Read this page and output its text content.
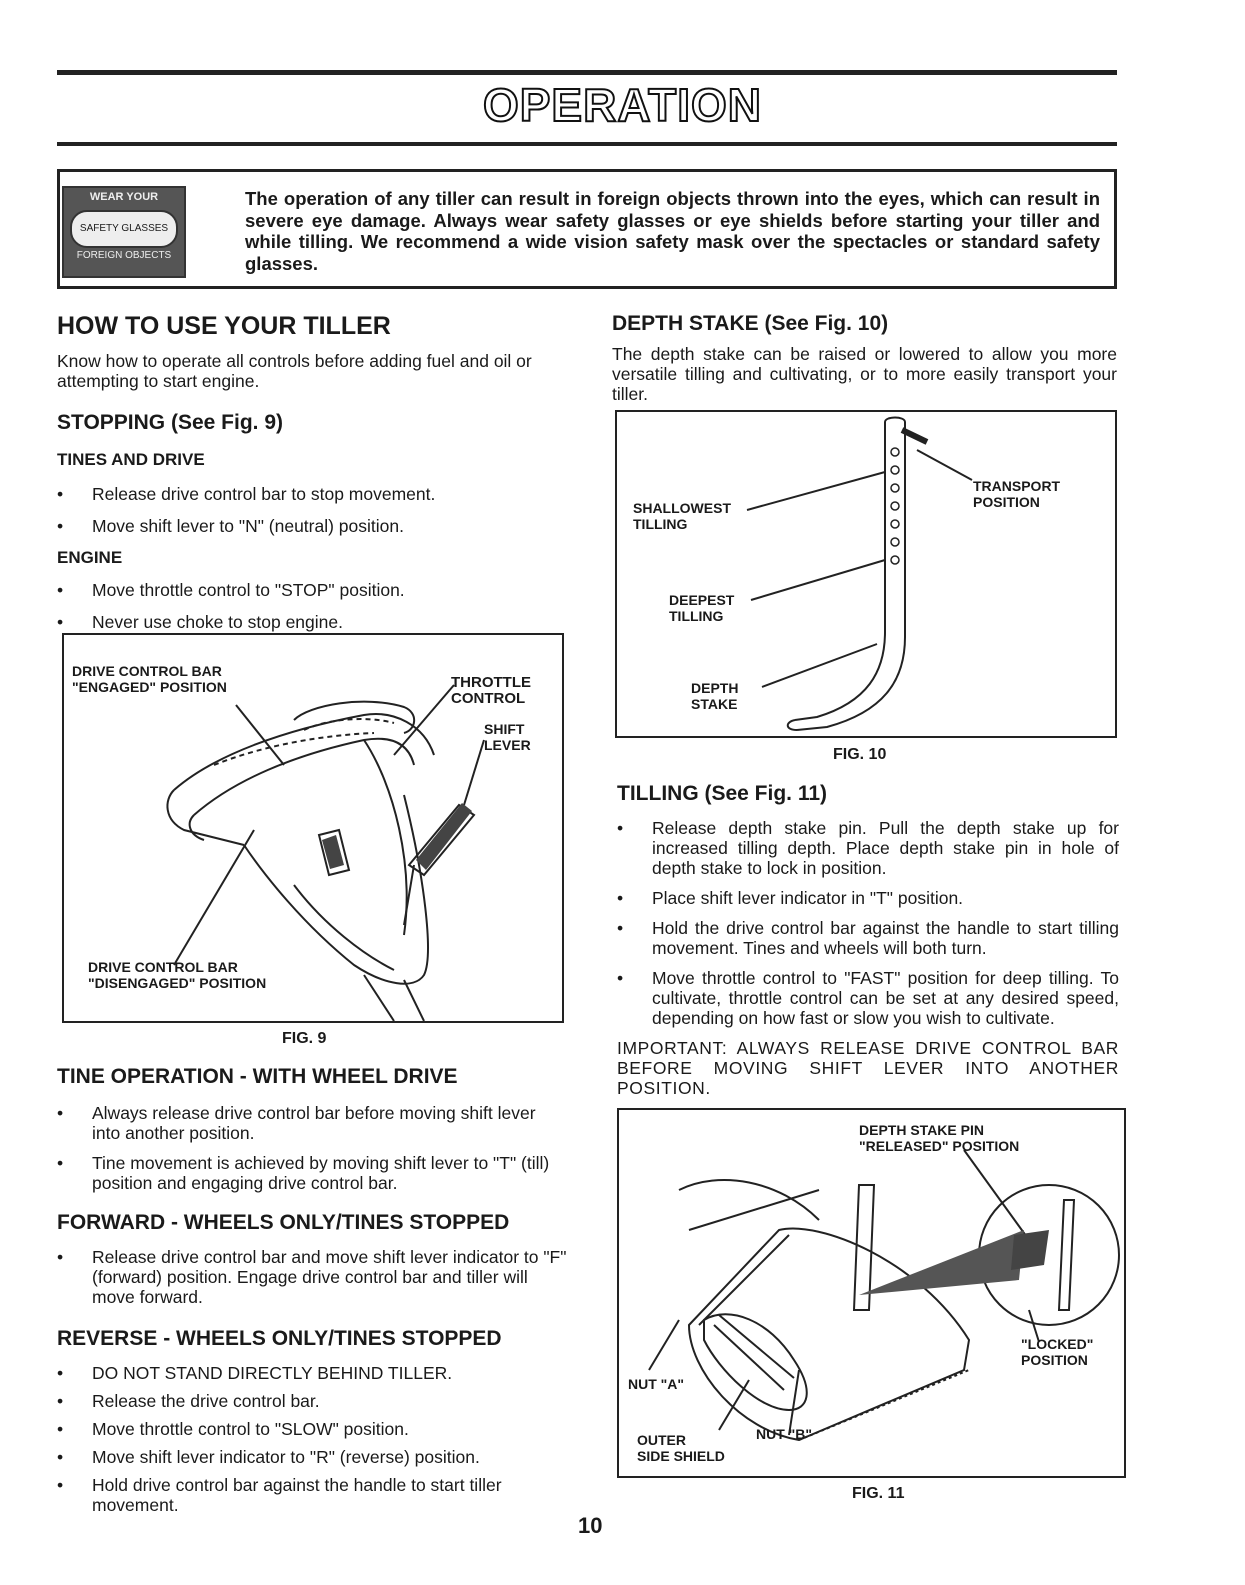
OPERATION
WEAR YOUR
SAFETY GLASSES
FOREIGN OBJECTS
The operation of any tiller can result in foreign objects thrown into the eyes, which can result in severe eye damage. Always wear safety glasses or eye shields before starting your tiller and while tilling. We recommend a wide vision safety mask over the spectacles or standard safety glasses.
HOW TO USE YOUR TILLER

Know how to operate all controls before adding fuel and oil or attempting to start engine.

STOPPING (See Fig. 9)
TINES AND DRIVE

• Release drive control bar to stop movement.

• Move shift lever to "N" (neutral) position.

ENGINE

• Move throttle control to "STOP" position.

• Never use choke to stop engine.

DRIVE CONTROL BAR
"ENGAGED" POSITION	THROTTLE
CONTROL
SHIFT
LEVER
DRIVE CONTROL BAR
"DISENGAGED" POSITION
FIG. 9
TINE OPERATION - WITH WHEEL DRIVE

• Always release drive control bar before moving shift lever into another position.

• Tine movement is achieved by moving shift lever to "T" (till) position and engaging drive control bar.

FORWARD - WHEELS ONLY/TINES STOPPED

• Release drive control bar and move shift lever indicator to "F" (forward) position. Engage drive control bar and tiller will move forward.

REVERSE - WHEELS ONLY/TINES STOPPED

• DO NOT STAND DIRECTLY BEHIND TILLER.

• Release the drive control bar.

• Move throttle control to "SLOW" position.

• Move shift lever indicator to "R" (reverse) position.

• Hold drive control bar against the handle to start tiller movement.

DEPTH STAKE (See Fig. 10)

The depth stake can be raised or lowered to allow you more versatile tilling and cultivating, or to more easily transport your tiller.

TRANSPORT
POSITION
SHALLOWEST
TILLING
DEEPEST
TILLING
DEPTH
STAKE
FIG. 10
TILLING (See Fig. 11)

• Release depth stake pin. Pull the depth stake up for increased tilling depth. Place depth stake pin in hole of depth stake to lock in position.

• Place shift lever indicator in "T" position.

• Hold the drive control bar against the handle to start tilling movement. Tines and wheels will both turn.

• Move throttle control to "FAST" position for deep tilling. To cultivate, throttle control can be set at any desired speed, depending on how fast or slow you wish to cultivate.

IMPORTANT: ALWAYS RELEASE DRIVE CONTROL BAR BEFORE MOVING SHIFT LEVER INTO ANOTHER POSITION.

DEPTH STAKE PIN
"RELEASED" POSITION
"LOCKED"
POSITION
NUT "A"
NUT "B"
OUTER
SIDE SHIELD
FIG. 11
10
